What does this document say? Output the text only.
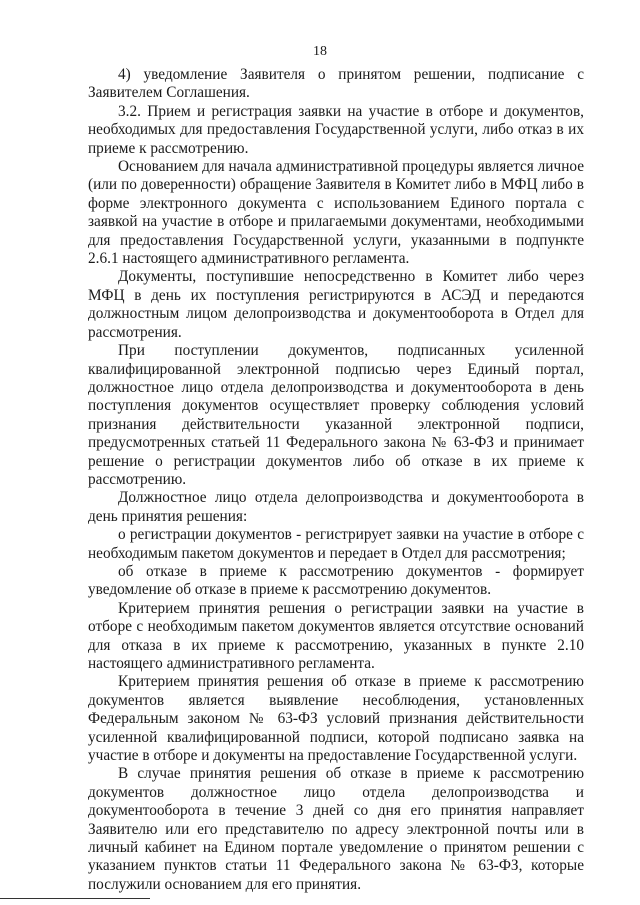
18

4) уведомление Заявителя о принятом решении, подписание с Заявителем Соглашения.

3.2. Прием и регистрация заявки на участие в отборе и документов, необходимых для предоставления Государственной услуги, либо отказ в их приеме к рассмотрению.

Основанием для начала административной процедуры является личное (или по доверенности) обращение Заявителя в Комитет либо в МФЦ либо в форме электронного документа с использованием Единого портала с заявкой на участие в отборе и прилагаемыми документами, необходимыми для предоставления Государственной услуги, указанными в подпункте 2.6.1 настоящего административного регламента.

Документы, поступившие непосредственно в Комитет либо через МФЦ в день их поступления регистрируются в АСЭД и передаются должностным лицом делопроизводства и документооборота в Отдел для рассмотрения.

При поступлении документов, подписанных усиленной квалифицированной электронной подписью через Единый портал, должностное лицо отдела делопроизводства и документооборота в день поступления документов осуществляет проверку соблюдения условий признания действительности указанной электронной подписи, предусмотренных статьей 11 Федерального закона № 63-ФЗ и принимает решение о регистрации документов либо об отказе в их приеме к рассмотрению.

Должностное лицо отдела делопроизводства и документооборота в день принятия решения:

о регистрации документов - регистрирует заявки на участие в отборе с необходимым пакетом документов и передает в Отдел для рассмотрения;

об отказе в приеме к рассмотрению документов - формирует уведомление об отказе в приеме к рассмотрению документов.

Критерием принятия решения о регистрации заявки на участие в отборе с необходимым пакетом документов является отсутствие оснований для отказа в их приеме к рассмотрению, указанных в пункте 2.10 настоящего административного регламента.

Критерием принятия решения об отказе в приеме к рассмотрению документов является выявление несоблюдения, установленных Федеральным законом № 63-ФЗ условий признания действительности усиленной квалифицированной подписи, которой подписано заявка на участие в отборе и документы на предоставление Государственной услуги.

В случае принятия решения об отказе в приеме к рассмотрению документов должностное лицо отдела делопроизводства и документооборота в течение 3 дней со дня его принятия направляет Заявителю или его представителю по адресу электронной почты или в личный кабинет на Едином портале уведомление о принятом решении с указанием пунктов статьи 11 Федерального закона № 63-ФЗ, которые послужили основанием для его принятия.
